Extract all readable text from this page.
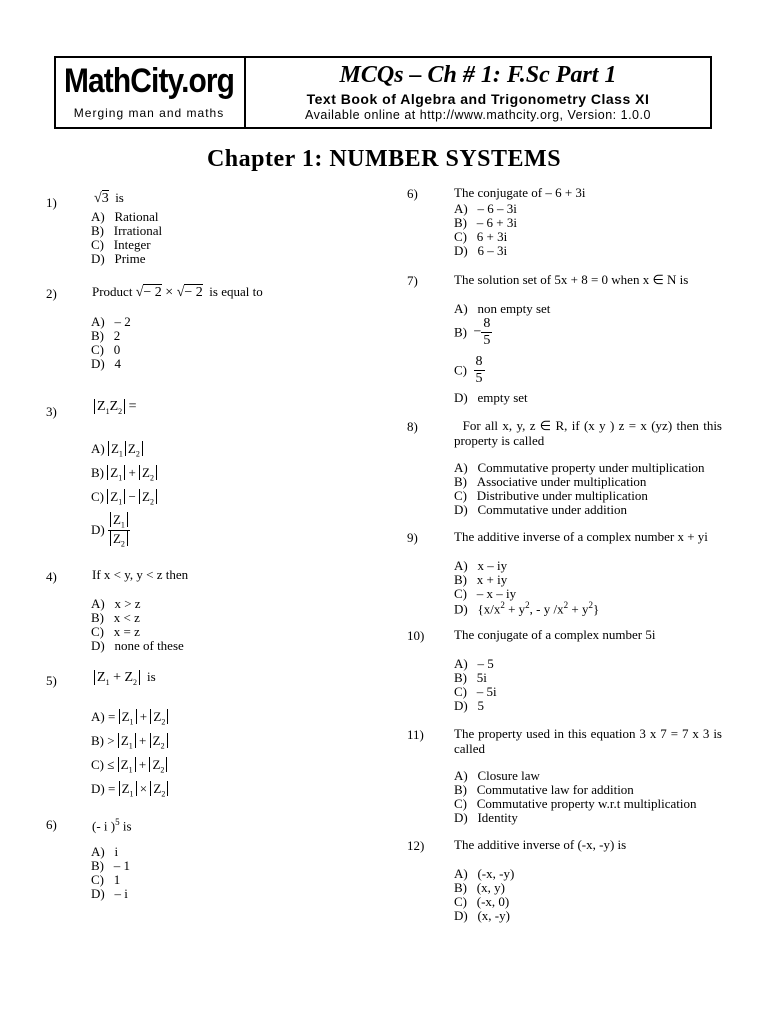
MathCity.org
Merging man and maths
MCQs – Ch # 1: F.Sc Part 1
Text Book of Algebra and Trigonometry Class XI
Available online at http://www.mathcity.org, Version: 1.0.0
Chapter 1: NUMBER SYSTEMS
1)	√3  is
A)   Rational
B)   Irrational
C)   Integer
D)   Prime
2)	Product √− 2 × √− 2  is equal to
A)   – 2
B)   2
C)   0
D)   4
3)	$Z_1Z_2$ =
A) $Z_1$ $Z_2$
B) $Z_1 + Z_2$
C) $Z_1 - Z_2$
$D) \frac{Z_1}{Z_2}$
4)	If x < y, y < z then
A)   x > z
B)   x < z
C)   x = z
D)   none of these
5)	$Z_1 + Z_2$ is
$A) = Z_1 + Z_2$
$B) > Z_1 + Z_2$
$C) \le Z_1 + Z_2$
$D) = Z_1 \times Z_2$
6)	(- i )$^5$ is
A)   i
B)   – 1
C)   1
D)   – i
6)	The conjugate of – 6 + 3i
A)   – 6 – 3i
B)   – 6 + 3i
C)   6 + 3i
D)   6 – 3i
7)	The solution set of 5x + 8 = 0 when x ∈ N is
A)   non empty set
$B) - \frac{8}{5}$
$C) \frac{8}{5}$
D)   empty set
8)	For all x, y, z ∈ R, if (x y ) z = x (yz) then this property is called
A)   Commutative property under multiplication
B)   Associative under multiplication
C)   Distributive under multiplication
D)   Commutative under addition
9)	The additive inverse of a complex number x + yi
A)   x – iy
B)   x + iy
C)   – x – iy
D)   {$x/x^2 + y^2$, - y $/x^2 + y^2$}
10) The conjugate of a complex number 5i
A)   – 5
B)   5i
C)   – 5i
D)   5
11) The property used in this equation 3 x 7 = 7 x 3 is called
A)   Closure law
B)   Commutative law for addition
C)   Commutative property w.r.t multiplication
D)   Identity
12) The additive inverse of (-x, -y) is
A)   (-x, -y)
B)   (x, y)
C)   (-x, 0)
D)   (x, -y)
